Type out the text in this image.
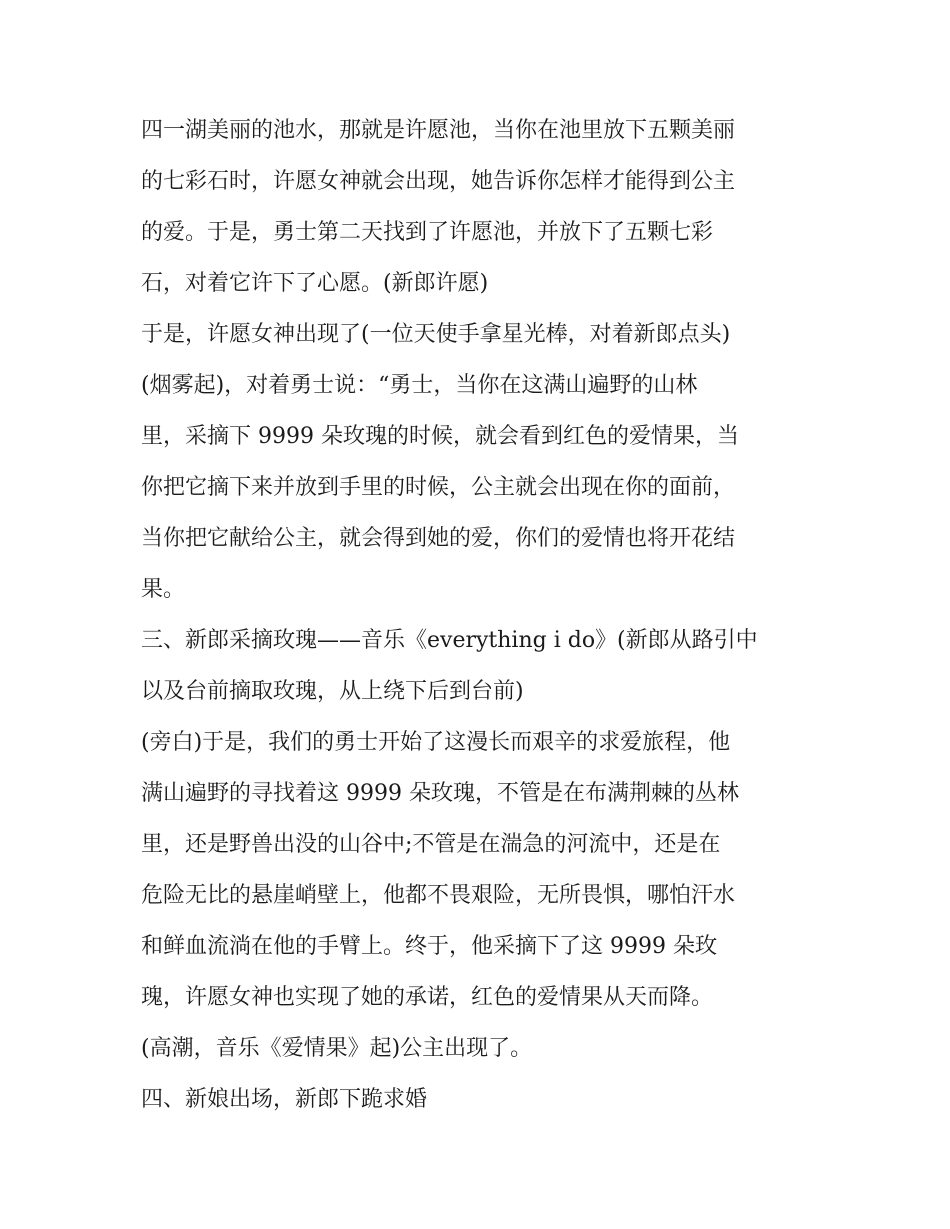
四一湖美丽的池水，那就是许愿池，当你在池里放下五颗美丽
的七彩石时，许愿女神就会出现，她告诉你怎样才能得到公主
的爱。于是，勇士第二天找到了许愿池，并放下了五颗七彩
石，对着它许下了心愿。(新郎许愿)
于是，许愿女神出现了(一位天使手拿星光棒，对着新郎点头)
(烟雾起)，对着勇士说：“勇士，当你在这满山遍野的山林
里，采摘下 9999 朵玫瑰的时候，就会看到红色的爱情果，当
你把它摘下来并放到手里的时候，公主就会出现在你的面前，
当你把它献给公主，就会得到她的爱，你们的爱情也将开花结
果。
三、新郎采摘玫瑰——音乐《everything i do》(新郎从路引中
以及台前摘取玫瑰，从上绕下后到台前)
(旁白)于是，我们的勇士开始了这漫长而艰辛的求爱旅程，他
满山遍野的寻找着这 9999 朵玫瑰，不管是在布满荆棘的丛林
里，还是野兽出没的山谷中;不管是在湍急的河流中，还是在
危险无比的悬崖峭壁上，他都不畏艰险，无所畏惧，哪怕汗水
和鲜血流淌在他的手臂上。终于，他采摘下了这 9999 朵玫
瑰，许愿女神也实现了她的承诺，红色的爱情果从天而降。
(高潮，音乐《爱情果》起)公主出现了。
四、新娘出场，新郎下跪求婚
